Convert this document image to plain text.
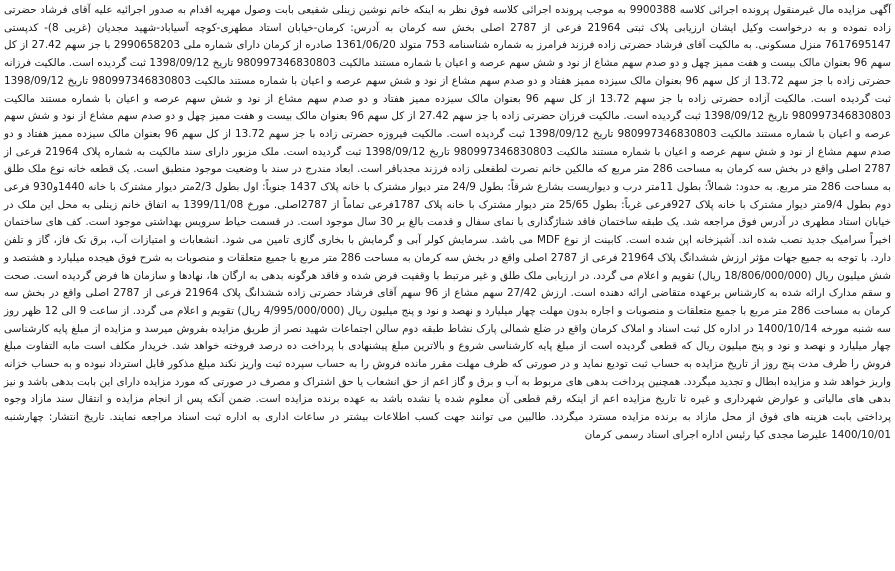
آگهی مزایده مال غیرمنقول پرونده اجرائی کلاسه 9900388 به موجب پرونده اجرائی کلاسه فوق نظر به اینکه خانم نوشین زینلی شفیعی بابت وصول مهریه اقدام به صدور اجرائیه علیه آقای فرشاد حضرتی زاده نموده و به درخواست وکیل ایشان ارزیابی پلاک ثبتی 21964 فرعی از 2787 اصلی بخش سه کرمان به آدرس: کرمان-خیابان استاد مطهری-کوچه آسیاباد-شهید مجدیان (غربی 8)- کدپستی 7617695147 منزل مسکونی. به مالکیت آقای فرشاد حضرتی زاده فرزند فرامرز به شماره شناسنامه 753 متولد 1361/06/20 صادره از کرمان دارای شماره ملی 2990658203 با جز سهم 27.42 از کل سهم 96 بعنوان مالک بیست و هفت ممیز چهل و دو صدم سهم مشاع از نود و شش سهم عرصه و اعیان با شماره مستند مالکیت 980997346830803 تاریخ 1398/09/12 ثبت گردیده است. مالکیت فرزانه حضرتی زاده با جز سهم 13.72 از کل سهم 96 بعنوان مالک سیزده ممیز هفتاد و دو صدم سهم مشاع از نود و شش سهم عرصه و اعیان با شماره مستند مالکیت 980997346830803 تاریخ 1398/09/12 ثبت گردیده است. مالکیت آزاده حضرتی زاده با جز سهم 13.72 از کل سهم 96 بعنوان مالک سیزده ممیز هفتاد و دو صدم سهم مشاع از نود و شش سهم عرصه و اعیان با شماره مستند مالکیت 980997346830803 تاریخ 1398/09/12 ثبت گردیده است. مالکیت فرزان حضرتی زاده با جز سهم 27.42 از کل سهم 96 بعنوان مالک بیست و هفت ممیز چهل و دو صدم سهم مشاع از نود و شش سهم عرصه و اعیان با شماره مستند مالکیت 980997346830803 تاریخ 1398/09/12 ثبت گردیده است. مالکیت فیروزه حضرتی زاده با جز سهم 13.72 از کل سهم 96 بعنوان مالک سیزده ممیز هفتاد و دو صدم سهم مشاع از نود و شش سهم عرصه و اعیان با شماره مستند مالکیت 980997346830803 تاریخ 1398/09/12 ثبت گردیده است. ملک مزبور دارای سند مالکیت به شماره پلاک 21964 فرعی از 2787 اصلی واقع در بخش سه کرمان به مساحت 286 متر مربع که مالکین خانم نصرت لطفعلی زاده فرزند مجدباقر است. ابعاد مندرج در سند با وضعیت موجود منطبق است. یک قطعه خانه نوع ملک طلق به مساحت 286 متر مربع. به حدود: شمالاً: بطول 11متر درب و دیواریست بشارع شرقاً: بطول 24/9 متر دیوار مشترک با خانه پلاک 1437 جنوباً: اول بطول 2/3متر دیوار مشترک با خانه 1440و930 فرعی دوم بطول 9/4متر دیوار مشترک با خانه پلاک 927فرعی غرباً: بطول 25/65 متر دیوار مشترک با خانه پلاک 1787فرعی تماماً از 2787اصلی. مورخ 1399/11/08 به اتفاق خانم زینلی به محل این ملک در خیابان استاد مطهری در آدرس فوق مراجعه شد. یک طبقه ساختمان فاقد شناژگذاری با نمای سفال و قدمت بالغ بر 30 سال موجود است. در قسمت حیاط سرویس بهداشتی موجود است. کف های ساختمان اخیراً سرامیک جدید نصب شده اند. آشپزخانه اپن شده است. کابینت از نوع MDF می باشد. سرمایش کولر آبی و گرمایش با بخاری گازی تامین می شود. انشعابات و امتیازات آب، برق تک فاز، گاز و تلفن دارد. با توجه به جمیع جهات مؤثر ارزش ششدانگ پلاک 21964 فرعی از 2787 اصلی واقع در بخش سه کرمان به مساحت 286 متر مربع با جمیع متعلقات و منصوبات به شرح فوق هیجده میلیارد و هشتصد و شش میلیون ریال (18/806/000/000 ریال) تقویم و اعلام می گردد. در ارزیابی ملک طلق و غیر مرتبط با وقفیت فرض شده و فاقد هرگونه بدهی به ارگان ها، نهادها و سازمان ها فرض گردیده است. صحت و سقم مدارک ارائه شده به کارشناس برعهده متقاضی ارائه دهنده است. ارزش 27/42 سهم مشاع از 96 سهم آقای فرشاد حضرتی زاده ششدانگ پلاک 21964 فرعی از 2787 اصلی واقع در بخش سه کرمان به مساحت 286 متر مربع با جمیع متعلقات و منصوبات و اجاره بدون مهلت چهار میلیارد و نهصد و نود و پنج میلیون ریال (4/995/000/000 ریال) تقویم و اعلام می گردد. از ساعت 9 الی 12 ظهر روز سه شنبه مورخه 1400/10/14 در اداره کل ثبت اسناد و املاک کرمان واقع در ضلع شمالی پارک نشاط طبقه دوم سالن اجتماعات شهید نصر از طریق مزایده بفروش میرسد و مزایده از مبلغ پایه کارشناسی چهار میلیارد و نهصد و نود و پنج میلیون ریال که قطعی گردیده است از مبلغ پایه کارشناسی شروع و بالاترین مبلغ پیشنهادی با پرداخت ده درصد فروخته خواهد شد. خریدار مکلف است مابه التفاوت مبلغ فروش را ظرف مدت پنج روز از تاریخ مزایده به حساب ثبت تودیع نماید و در صورتی که ظرف مهلت مقرر مانده فروش را به حساب سپرده ثبت واریز نکند مبلغ مذکور قابل استرداد نبوده و به حساب خزانه واریز خواهد شد و مزایده ابطال و تجدید میگردد. همچنین پرداخت بدهی های مربوط به آب و برق و گاز اعم از حق انشعاب یا حق اشتراک و مصرف در صورتی که مورد مزایده دارای این بابت بدهی باشد و نیز بدهی های مالیاتی و عوارض شهرداری و غیره تا تاریخ مزایده اعم از اینکه رقم قطعی آن معلوم شده یا نشده باشد به عهده برنده مزایده است. ضمن آنکه پس از انجام مزایده و انتقال سند مازاد وجوه پرداختی بابت هزینه های فوق از محل مازاد به برنده مزایده مسترد میگردد. طالبین می توانند جهت کسب اطلاعات بیشتر در ساعات اداری به اداره ثبت اسناد مراجعه نمایند. تاریخ انتشار: چهارشنبه 1400/10/01 علیرضا مجدی کیا رئیس اداره اجرای اسناد رسمی کرمان
